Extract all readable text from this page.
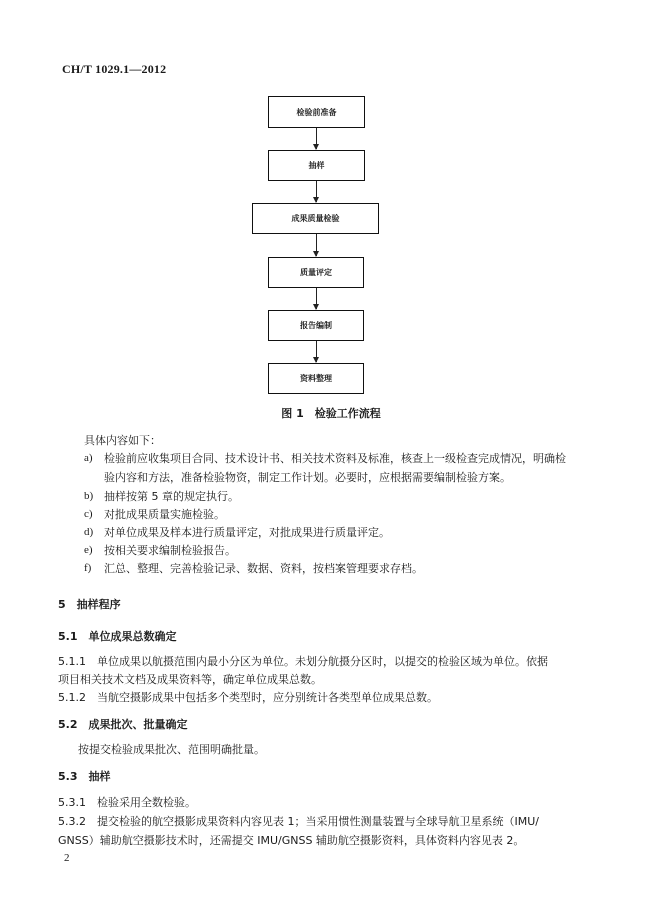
CH/T 1029.1—2012
检验前准备
抽样
成果质量检验
质量评定
报告编制
资料整理
图 1　检验工作流程
具体内容如下：
a) 检验前应收集项目合同、技术设计书、相关技术资料及标准，核查上一级检查完成情况，明确检
验内容和方法，准备检验物资，制定工作计划。必要时，应根据需要编制检验方案。
b) 抽样按第 5 章的规定执行。
c) 对批成果质量实施检验。
d) 对单位成果及样本进行质量评定，对批成果进行质量评定。
e) 按相关要求编制检验报告。
f) 汇总、整理、完善检验记录、数据、资料，按档案管理要求存档。
5　抽样程序
5.1　单位成果总数确定
5.1.1　单位成果以航摄范围内最小分区为单位。未划分航摄分区时，以提交的检验区域为单位。依据
项目相关技术文档及成果资料等，确定单位成果总数。
5.1.2　当航空摄影成果中包括多个类型时，应分别统计各类型单位成果总数。
5.2　成果批次、批量确定
按提交检验成果批次、范围明确批量。
5.3　抽样
5.3.1　检验采用全数检验。
5.3.2　提交检验的航空摄影成果资料内容见表 1；当采用惯性测量装置与全球导航卫星系统（IMU/
GNSS）辅助航空摄影技术时，还需提交 IMU/GNSS 辅助航空摄影资料，具体资料内容见表 2。
2
